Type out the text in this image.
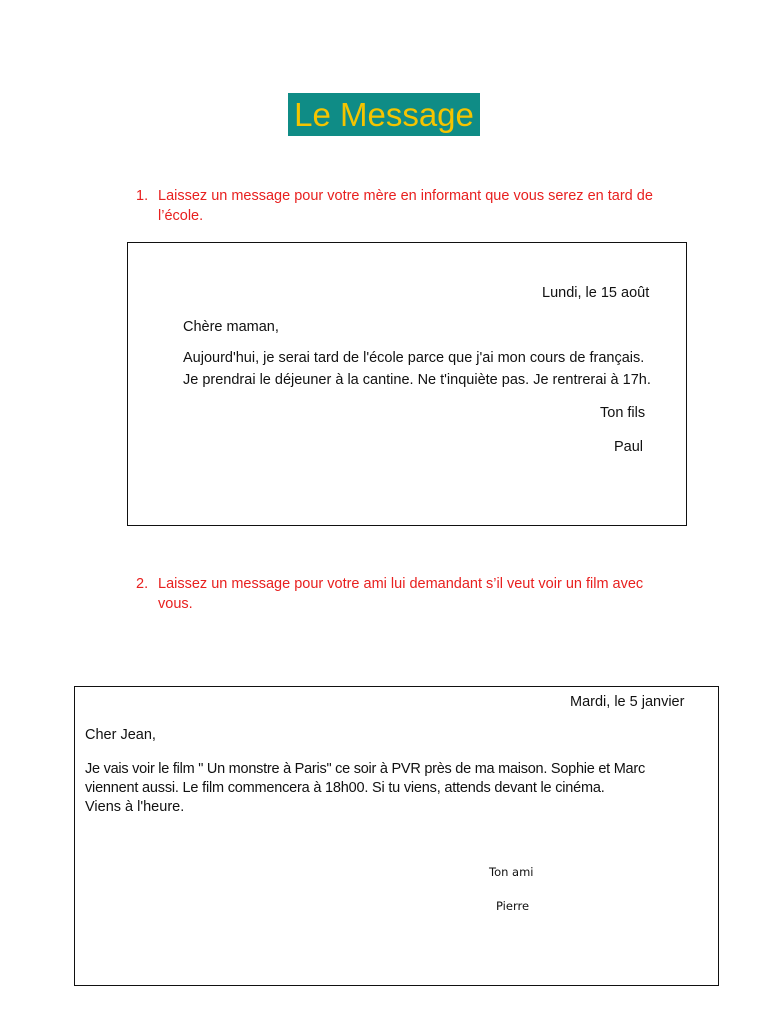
Le Message
1. Laissez un message pour votre mère en informant que vous serez en tard de l’école.
Lundi, le 15 août
Chère maman,
Aujourd'hui, je serai tard de l'école parce que j'ai mon cours de français.
Je prendrai le déjeuner à la cantine. Ne t'inquiète pas. Je rentrerai à 17h.
Ton fils
Paul
2. Laissez un message pour votre ami lui demandant s’il veut voir un film avec vous.
Mardi, le 5 janvier
Cher Jean,
Je vais voir le film " Un monstre à Paris" ce soir à PVR près de ma maison. Sophie et Marc
viennent aussi. Le film commencera à 18h00. Si tu viens, attends devant le cinéma.
Viens à l'heure.
Ton ami
Pierre
